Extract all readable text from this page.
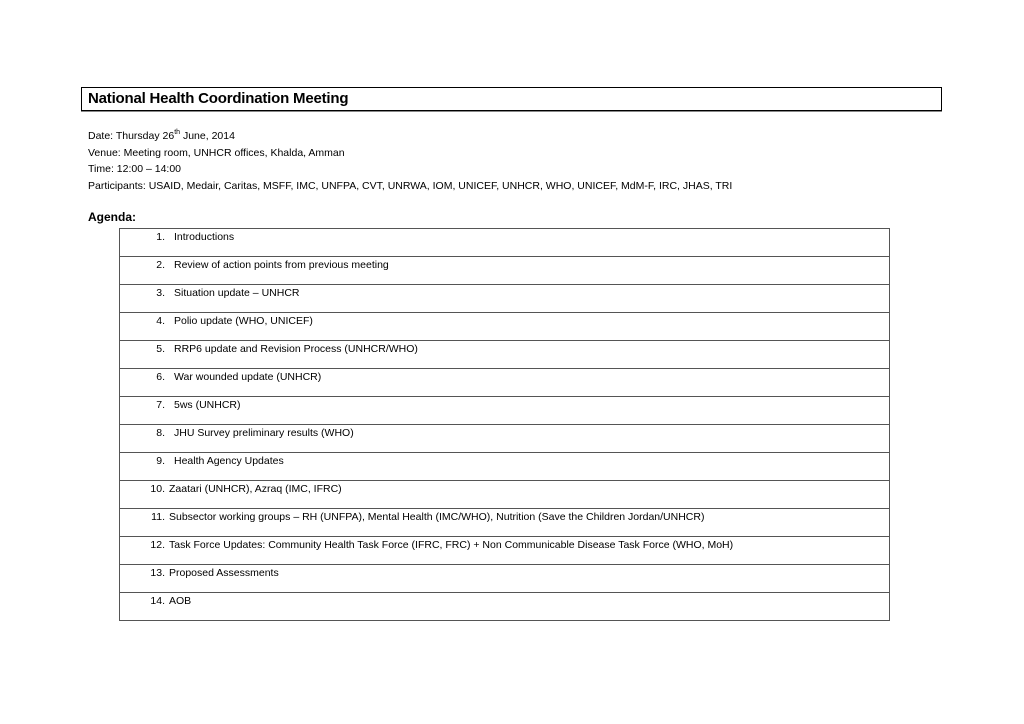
National Health Coordination Meeting
Date: Thursday 26th June, 2014
Venue: Meeting room, UNHCR offices, Khalda, Amman
Time: 12:00 – 14:00
Participants: USAID, Medair, Caritas, MSFF, IMC, UNFPA, CVT, UNRWA, IOM, UNICEF, UNHCR, WHO, UNICEF, MdM-F, IRC, JHAS, TRI
Agenda:
1. Introductions

2. Review of action points from previous meeting

3. Situation update – UNHCR

4. Polio update (WHO, UNICEF)

5. RRP6 update and Revision Process (UNHCR/WHO)

6. War wounded update (UNHCR)

7. 5ws (UNHCR)

8. JHU Survey preliminary results (WHO)

9. Health Agency Updates

10. Zaatari (UNHCR), Azraq (IMC, IFRC)

11. Subsector working groups – RH (UNFPA), Mental Health (IMC/WHO), Nutrition (Save the Children Jordan/UNHCR)

12. Task Force Updates: Community Health Task Force (IFRC, FRC) + Non Communicable Disease Task Force (WHO, MoH)

13. Proposed Assessments

14. AOB
